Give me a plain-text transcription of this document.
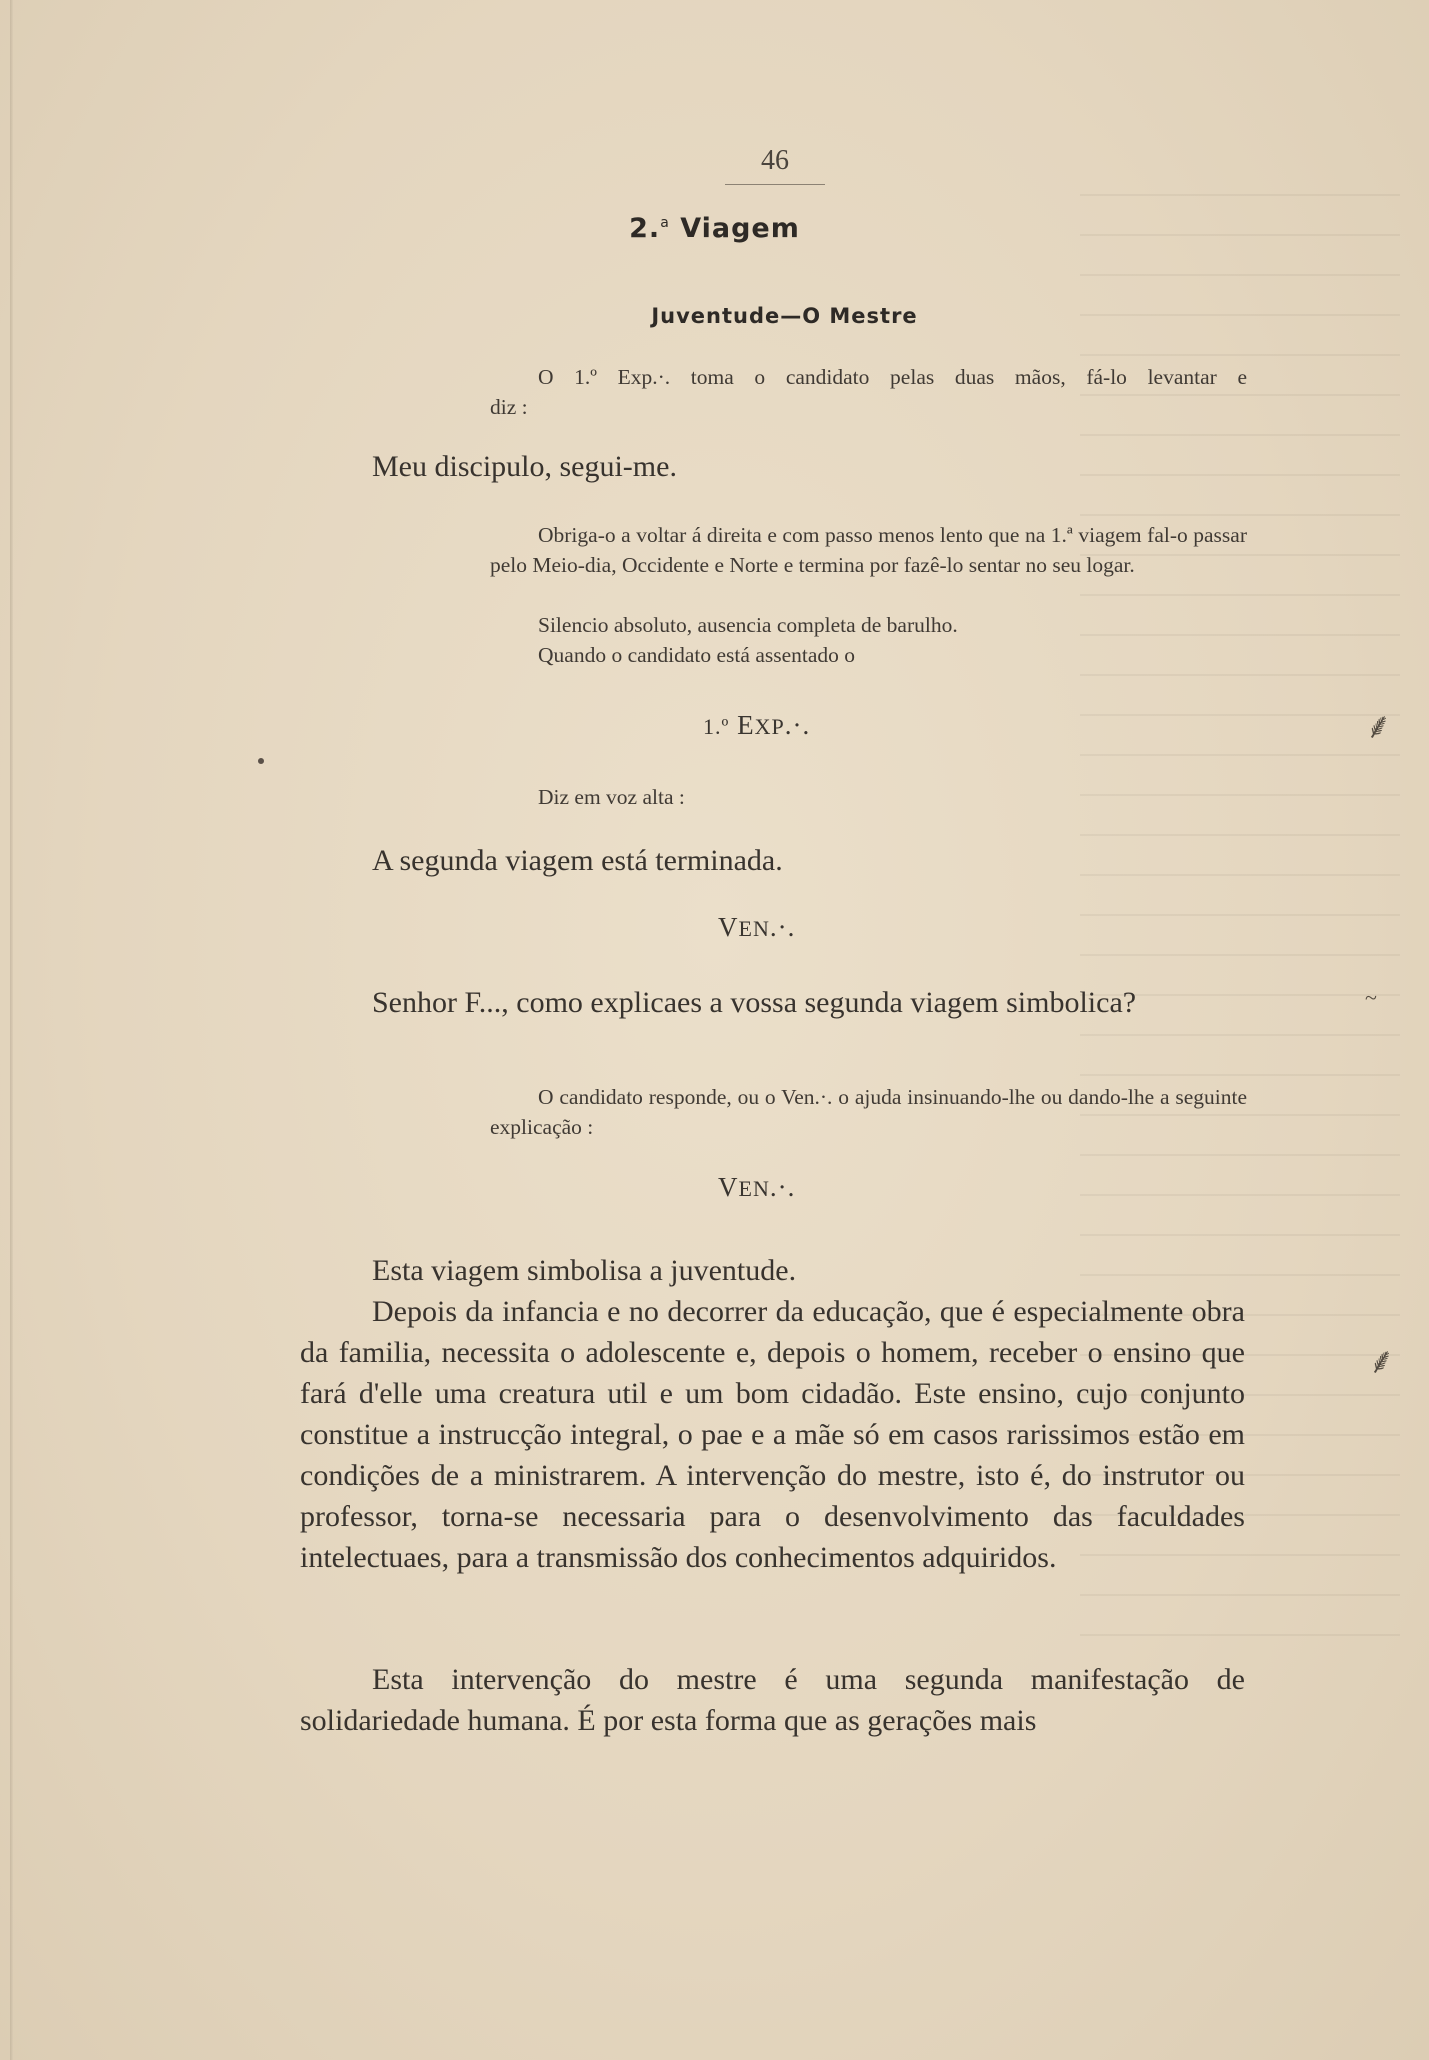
46
2.$^a$ Viagem
Juventude—O Mestre
O 1.º Exp.·. toma o candidato pelas duas mãos, fá-lo levantar e
diz :
Meu discipulo, segui-me.
Obriga-o a voltar á direita e com passo menos lento que na 1.ª viagem fal-o passar pelo Meio-dia, Occidente e Norte e termina por fazê-lo sentar no seu logar.
Silencio absoluto, ausencia completa de barulho.
Quando o candidato está assentado o
1.º EXP.·.
Diz em voz alta :
A segunda viagem está terminada.
VEN.·.
Senhor F..., como explicaes a vossa segunda viagem simbolica?
O candidato responde, ou o Ven.·. o ajuda insinuando-lhe ou dando-lhe a seguinte explicação :
VEN.·.
Esta viagem simbolisa a juventude.
Depois da infancia e no decorrer da educação, que é especialmente obra da familia, necessita o adolescente e, depois o homem, receber o ensino que fará d'elle uma creatura util e um bom cidadão. Este ensino, cujo conjunto constitue a instrucção integral, o pae e a mãe só em casos rarissimos estão em condições de a ministrarem. A intervenção do mestre, isto é, do instrutor ou professor, torna-se necessaria para o desenvolvimento das faculdades intelectuaes, para a transmissão dos conhecimentos adquiridos.
Esta intervenção do mestre é uma segunda manifestação de solidariedade humana. É por esta forma que as gerações mais
⸙
~
⸙
